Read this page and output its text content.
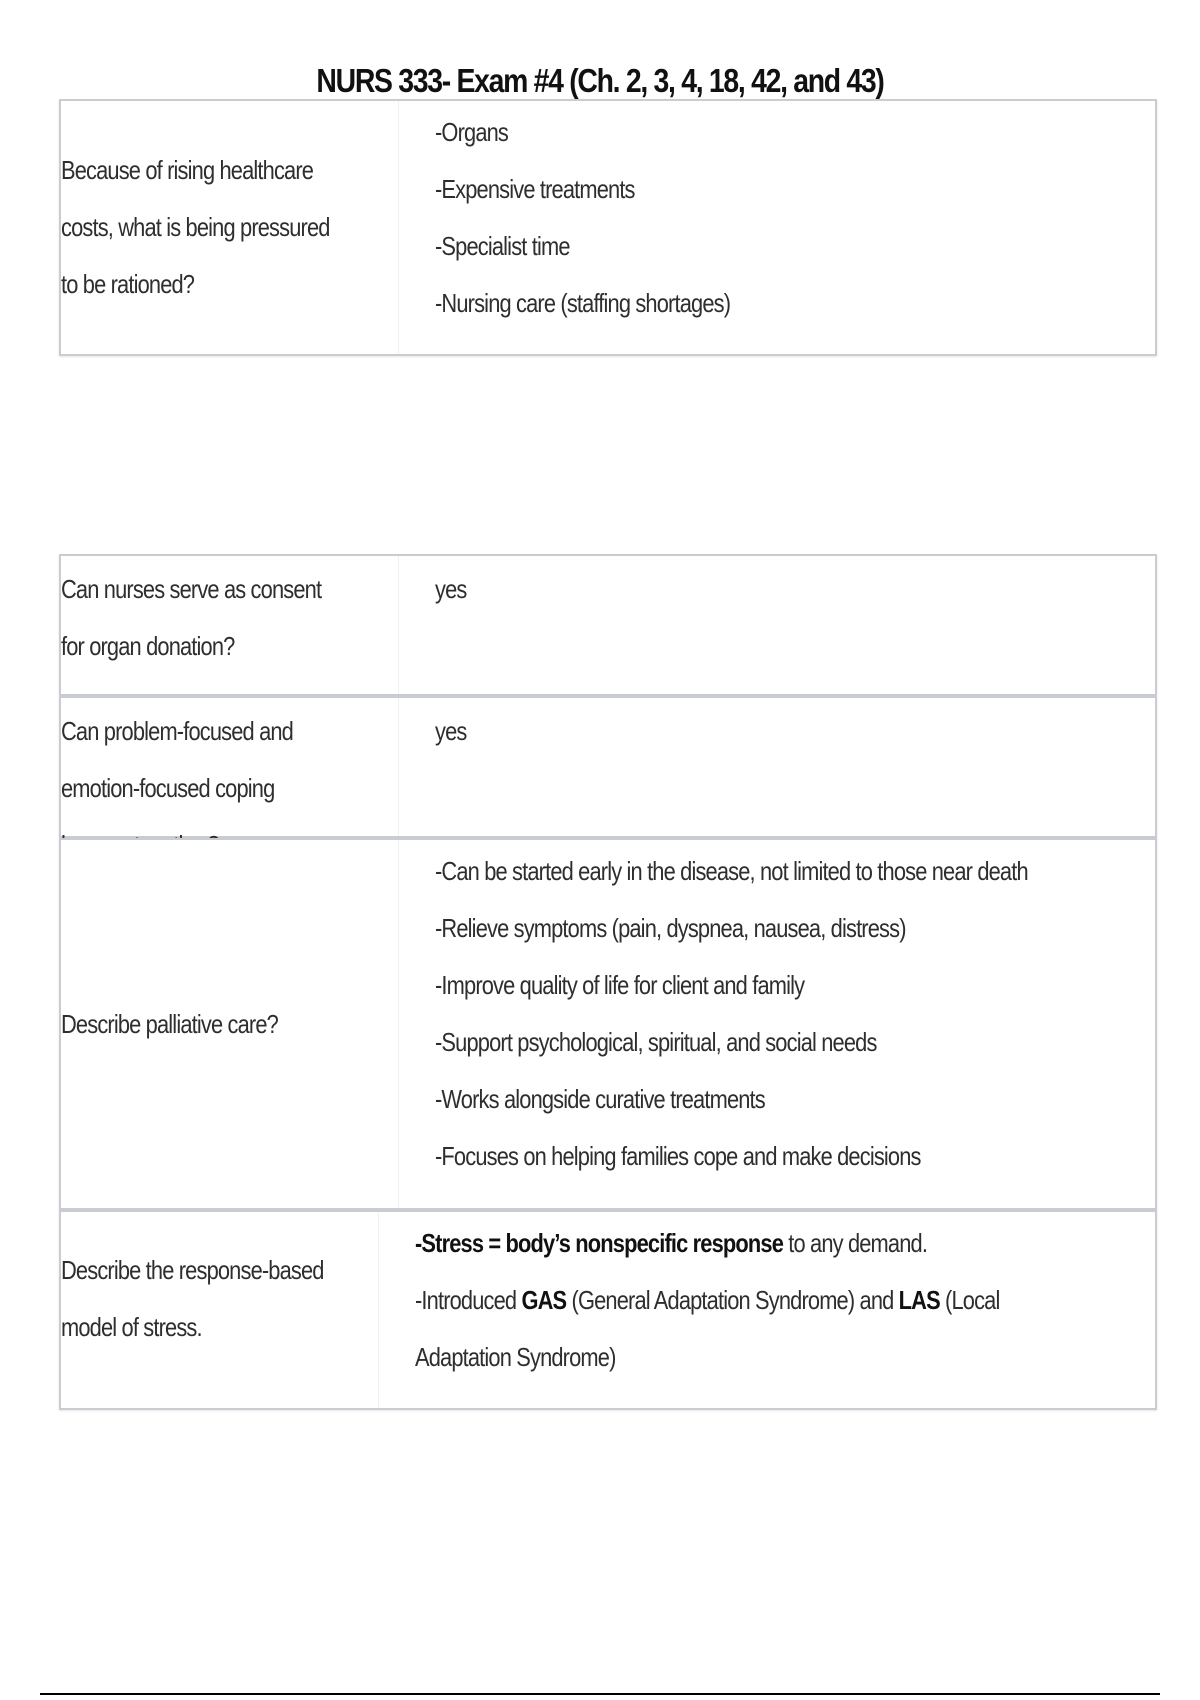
NURS 333- Exam #4 (Ch. 2, 3, 4, 18, 42, and 43)
Because of rising healthcare costs, what is being pressured to be rationed?
-Organs
-Expensive treatments
-Specialist time
-Nursing care (staffing shortages)
Can nurses serve as consent for organ donation?
yes
Can problem-focused and emotion-focused coping
yes
Describe palliative care?
-Can be started early in the disease, not limited to those near death
-Relieve symptoms (pain, dyspnea, nausea, distress)
-Improve quality of life for client and family
-Support psychological, spiritual, and social needs
-Works alongside curative treatments
-Focuses on helping families cope and make decisions
Describe the response-based model of stress.
-Stress = body’s nonspecific response to any demand.
-Introduced GAS (General Adaptation Syndrome) and LAS (Local Adaptation Syndrome)
